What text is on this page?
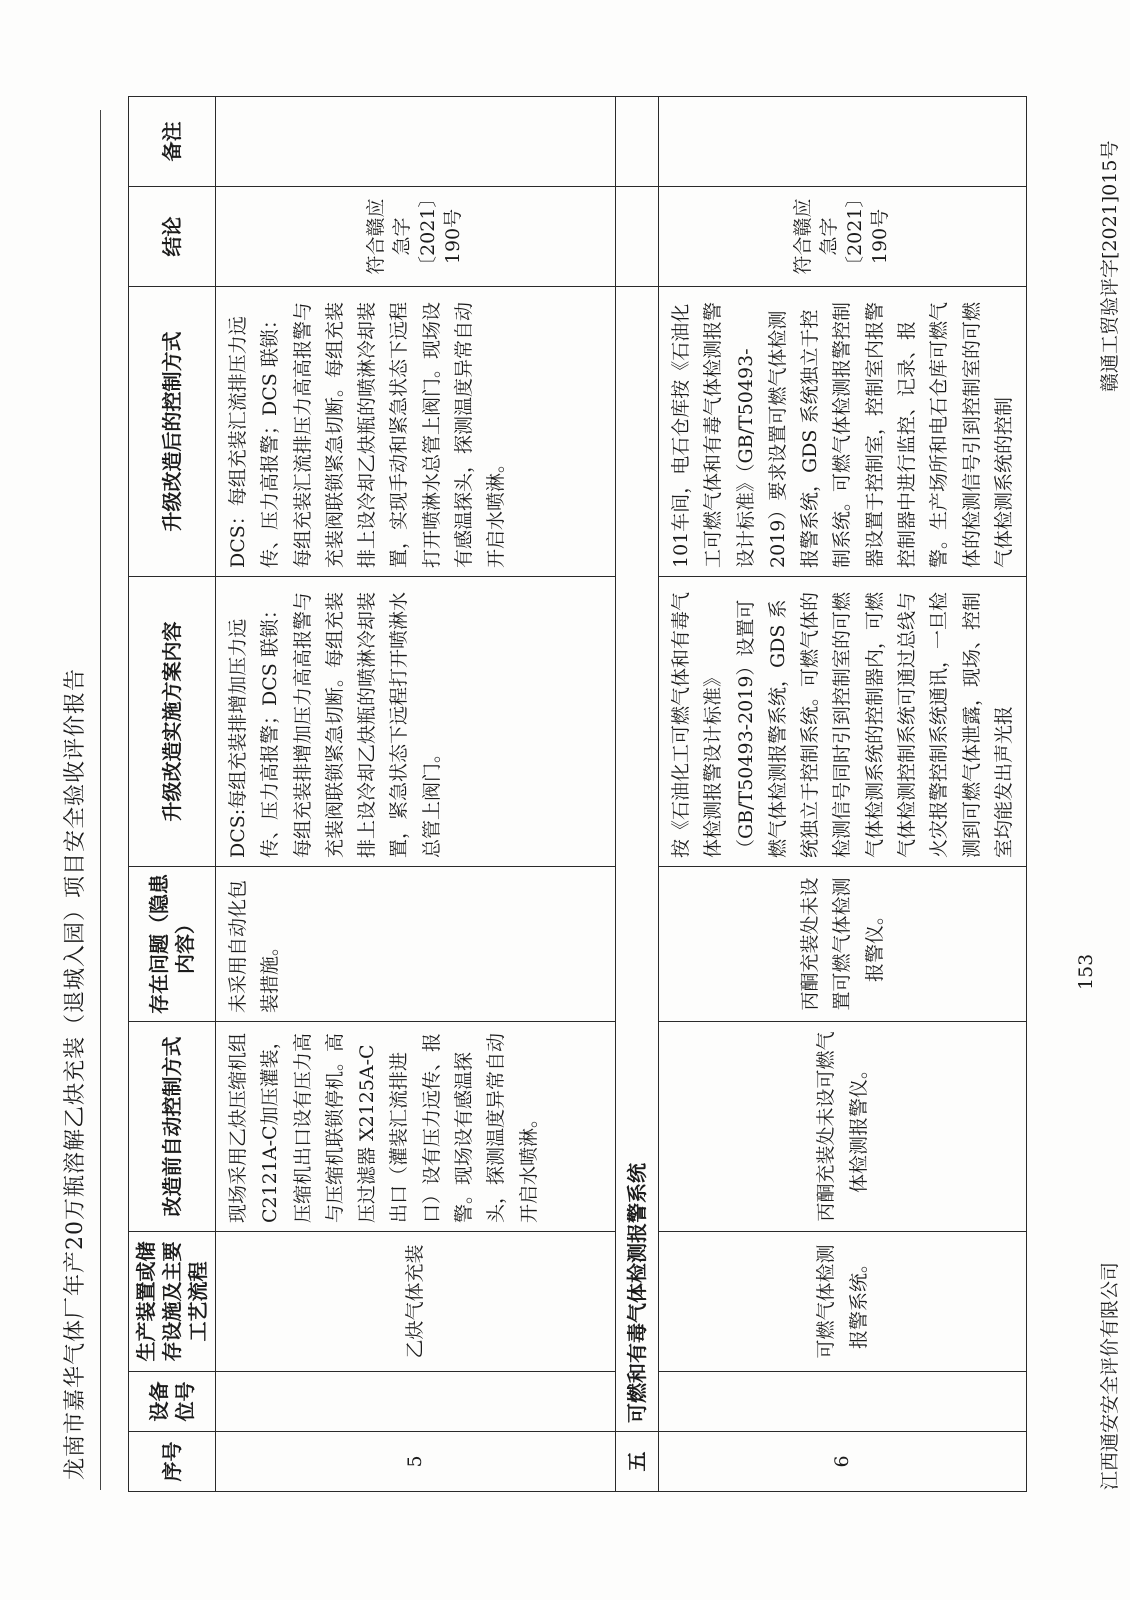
龙南市嘉华气体厂年产20万瓶溶解乙炔充装（退城入园）项目安全验收评价报告	序号	设备位号	生产装置或储存设施及主要工艺流程	改造前自动控制方式	存在问题（隐患内容）	升级改造实施方案内容	升级改造后的控制方式	结论	备注
5		乙炔气体充装	现场采用乙炔压缩机组C2121A-C加压灌装，压缩机出口设有压力高与压缩机联锁停机。高压过滤器 X2125A-C 出口（灌装汇流排进口）设有压力远传、报警。现场设有感温探头，探测温度异常自动开启水喷淋。	未采用自动化包装措施。	DCS:每组充装排增加压力远传、压力高报警；DCS 联锁：每组充装排增加压力高高报警与充装阀联锁紧急切断。每组充装排上设冷却乙炔瓶的喷淋冷却装置，紧急状态下远程打开喷淋水总管上阀门。	DCS：每组充装汇流排压力远传、压力高报警；DCS 联锁：每组充装汇流排压力高高报警与充装阀联锁紧急切断。每组充装排上设冷却乙炔瓶的喷淋冷却装置，实现手动和紧急状态下远程打开喷淋水总管上阀门。现场设有感温探头，探测温度异常自动开启水喷淋。	符合赣应急字〔2021〕190号	
五	可燃和有毒气体检测报警系统							
6		可燃气体检测报警系统。	丙酮充装处未设可燃气体检测报警仪。	丙酮充装处未设置可燃气体检测报警仪。	按《石油化工可燃气体和有毒气体检测报警设计标准》（GB/T50493-2019）设置可燃气体检测报警系统，GDS 系统独立于控制系统。可燃气体的检测信号同时引到控制室的可燃气体检测系统的控制器内，可燃气体检测控制系统可通过总线与火灾报警控制系统通讯，一旦检测到可燃气体泄露，现场、控制室均能发出声光报	101车间，电石仓库按《石油化工可燃气体和有毒气体检测报警设计标准》（GB/T50493-2019）要求设置可燃气体检测报警系统，GDS 系统独立于控制系统。可燃气体检测报警控制器设置于控制室，控制室内报警控制器中进行监控、记录、报警。生产场所和电石仓库可燃气体的检测信号引到控制室的可燃气体检测系统的控制	符合赣应急字〔2021〕190号	
江西通安安全评价有限公司
153
赣通工贸验评字[2021]015号
